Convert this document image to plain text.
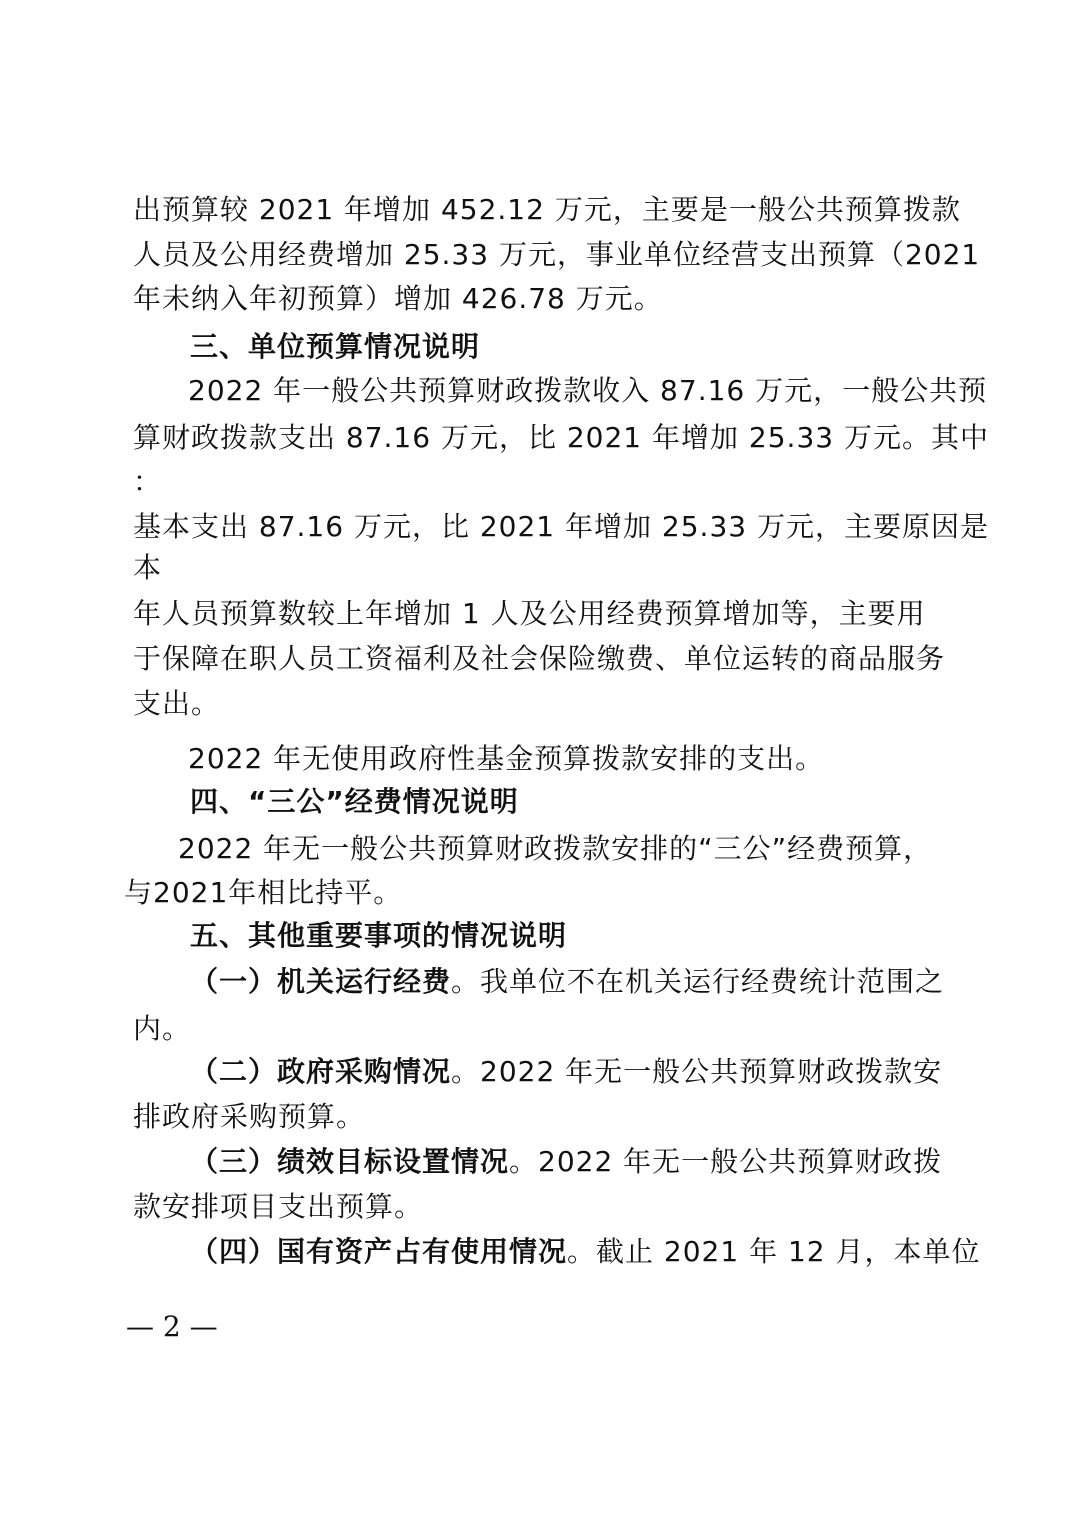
出预算较 2021 年增加 452.12 万元，主要是一般公共预算拨款
人员及公用经费增加 25.33 万元，事业单位经营支出预算（2021
年未纳入年初预算）增加 426.78 万元。
三、单位预算情况说明
2022 年一般公共预算财政拨款收入 87.16 万元，一般公共预
算财政拨款支出 87.16 万元，比 2021 年增加 25.33 万元。其中
：
基本支出 87.16 万元，比 2021 年增加 25.33 万元，主要原因是
本
年人员预算数较上年增加 1 人及公用经费预算增加等，主要用
于保障在职人员工资福利及社会保险缴费、单位运转的商品服务
支出。
2022 年无使用政府性基金预算拨款安排的支出。
四、“三公”经费情况说明
2022 年无一般公共预算财政拨款安排的“三公”经费预算，
与2021年相比持平。
五、其他重要事项的情况说明
（一）机关运行经费。我单位不在机关运行经费统计范围之
内。
（二）政府采购情况。2022 年无一般公共预算财政拨款安
排政府采购预算。
（三）绩效目标设置情况。2022 年无一般公共预算财政拨
款安排项目支出预算。
（四）国有资产占有使用情况。截止 2021 年 12 月，本单位
— 2 —
